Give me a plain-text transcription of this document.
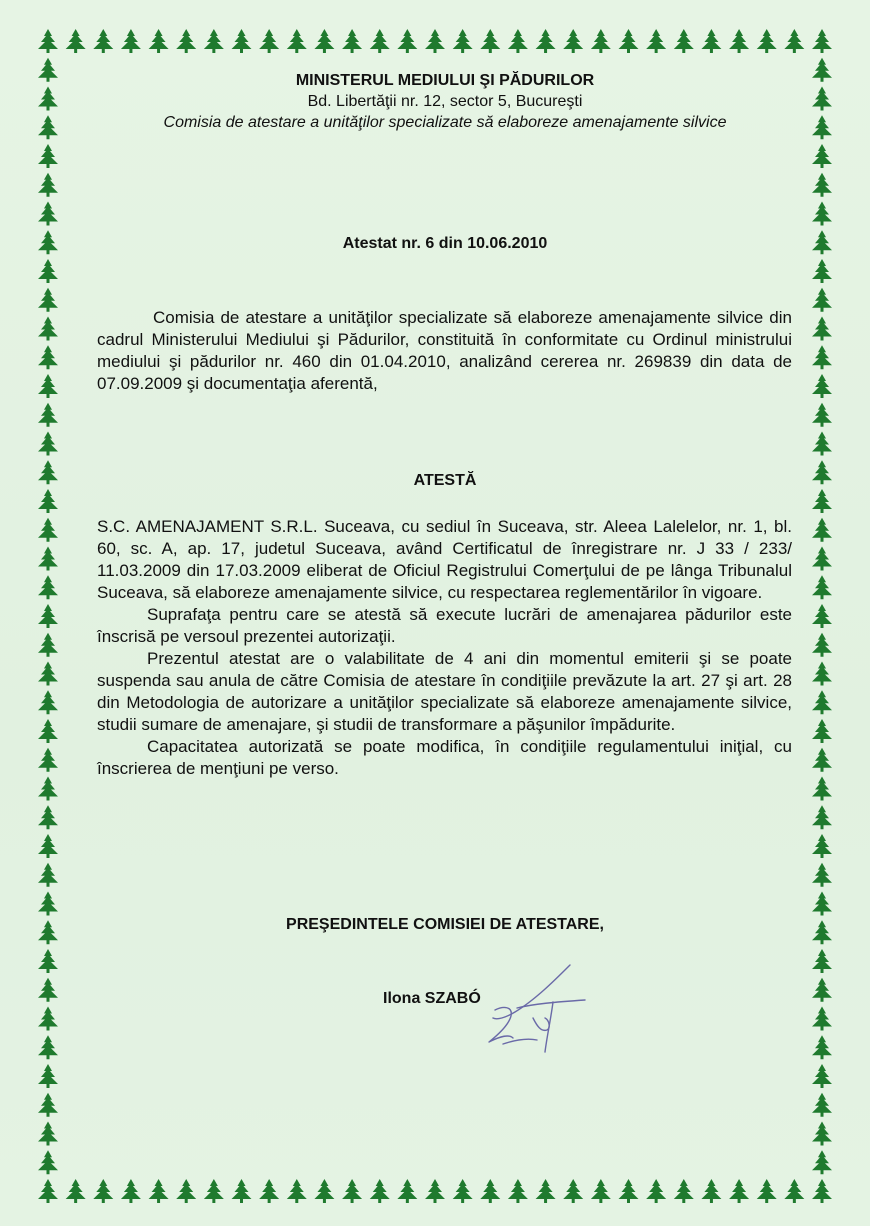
MINISTERUL MEDIULUI ŞI PĂDURILOR
Bd. Libertăţii nr. 12, sector 5, Bucureşti
Comisia de atestare a unităţilor specializate să elaboreze amenajamente silvice
Atestat nr. 6 din 10.06.2010
Comisia de atestare a unităţilor specializate să elaboreze amenajamente silvice din cadrul Ministerului Mediului şi Pădurilor, constituită în conformitate cu Ordinul ministrului mediului şi pădurilor nr. 460 din 01.04.2010, analizând cererea nr. 269839 din data de 07.09.2009 şi documentaţia aferentă,
ATESTĂ

S.C. AMENAJAMENT S.R.L. Suceava, cu sediul în Suceava, str. Aleea Lalelelor, nr. 1, bl. 60, sc. A, ap. 17, judetul Suceava, având Certificatul de înregistrare nr. J 33 / 233/ 11.03.2009 din 17.03.2009 eliberat de Oficiul Registrului Comerţului de pe lânga Tribunalul Suceava, să elaboreze amenajamente silvice, cu respectarea reglementărilor în vigoare.

Suprafaţa pentru care se atestă să execute lucrări de amenajarea pădurilor este înscrisă pe versoul prezentei autorizaţii.

Prezentul atestat are o valabilitate de 4 ani din momentul emiterii şi se poate suspenda sau anula de către Comisia de atestare în condiţiile prevăzute la art. 27 şi art. 28 din Metodologia de autorizare a unităţilor specializate să elaboreze amenajamente silvice, studii sumare de amenajare, şi studii de transformare a păşunilor împădurite.

Capacitatea autorizată se poate modifica, în condiţiile regulamentului iniţial, cu înscrierea de menţiuni pe verso.

PREŞEDINTELE COMISIEI DE ATESTARE,
Ilona SZABÓ
